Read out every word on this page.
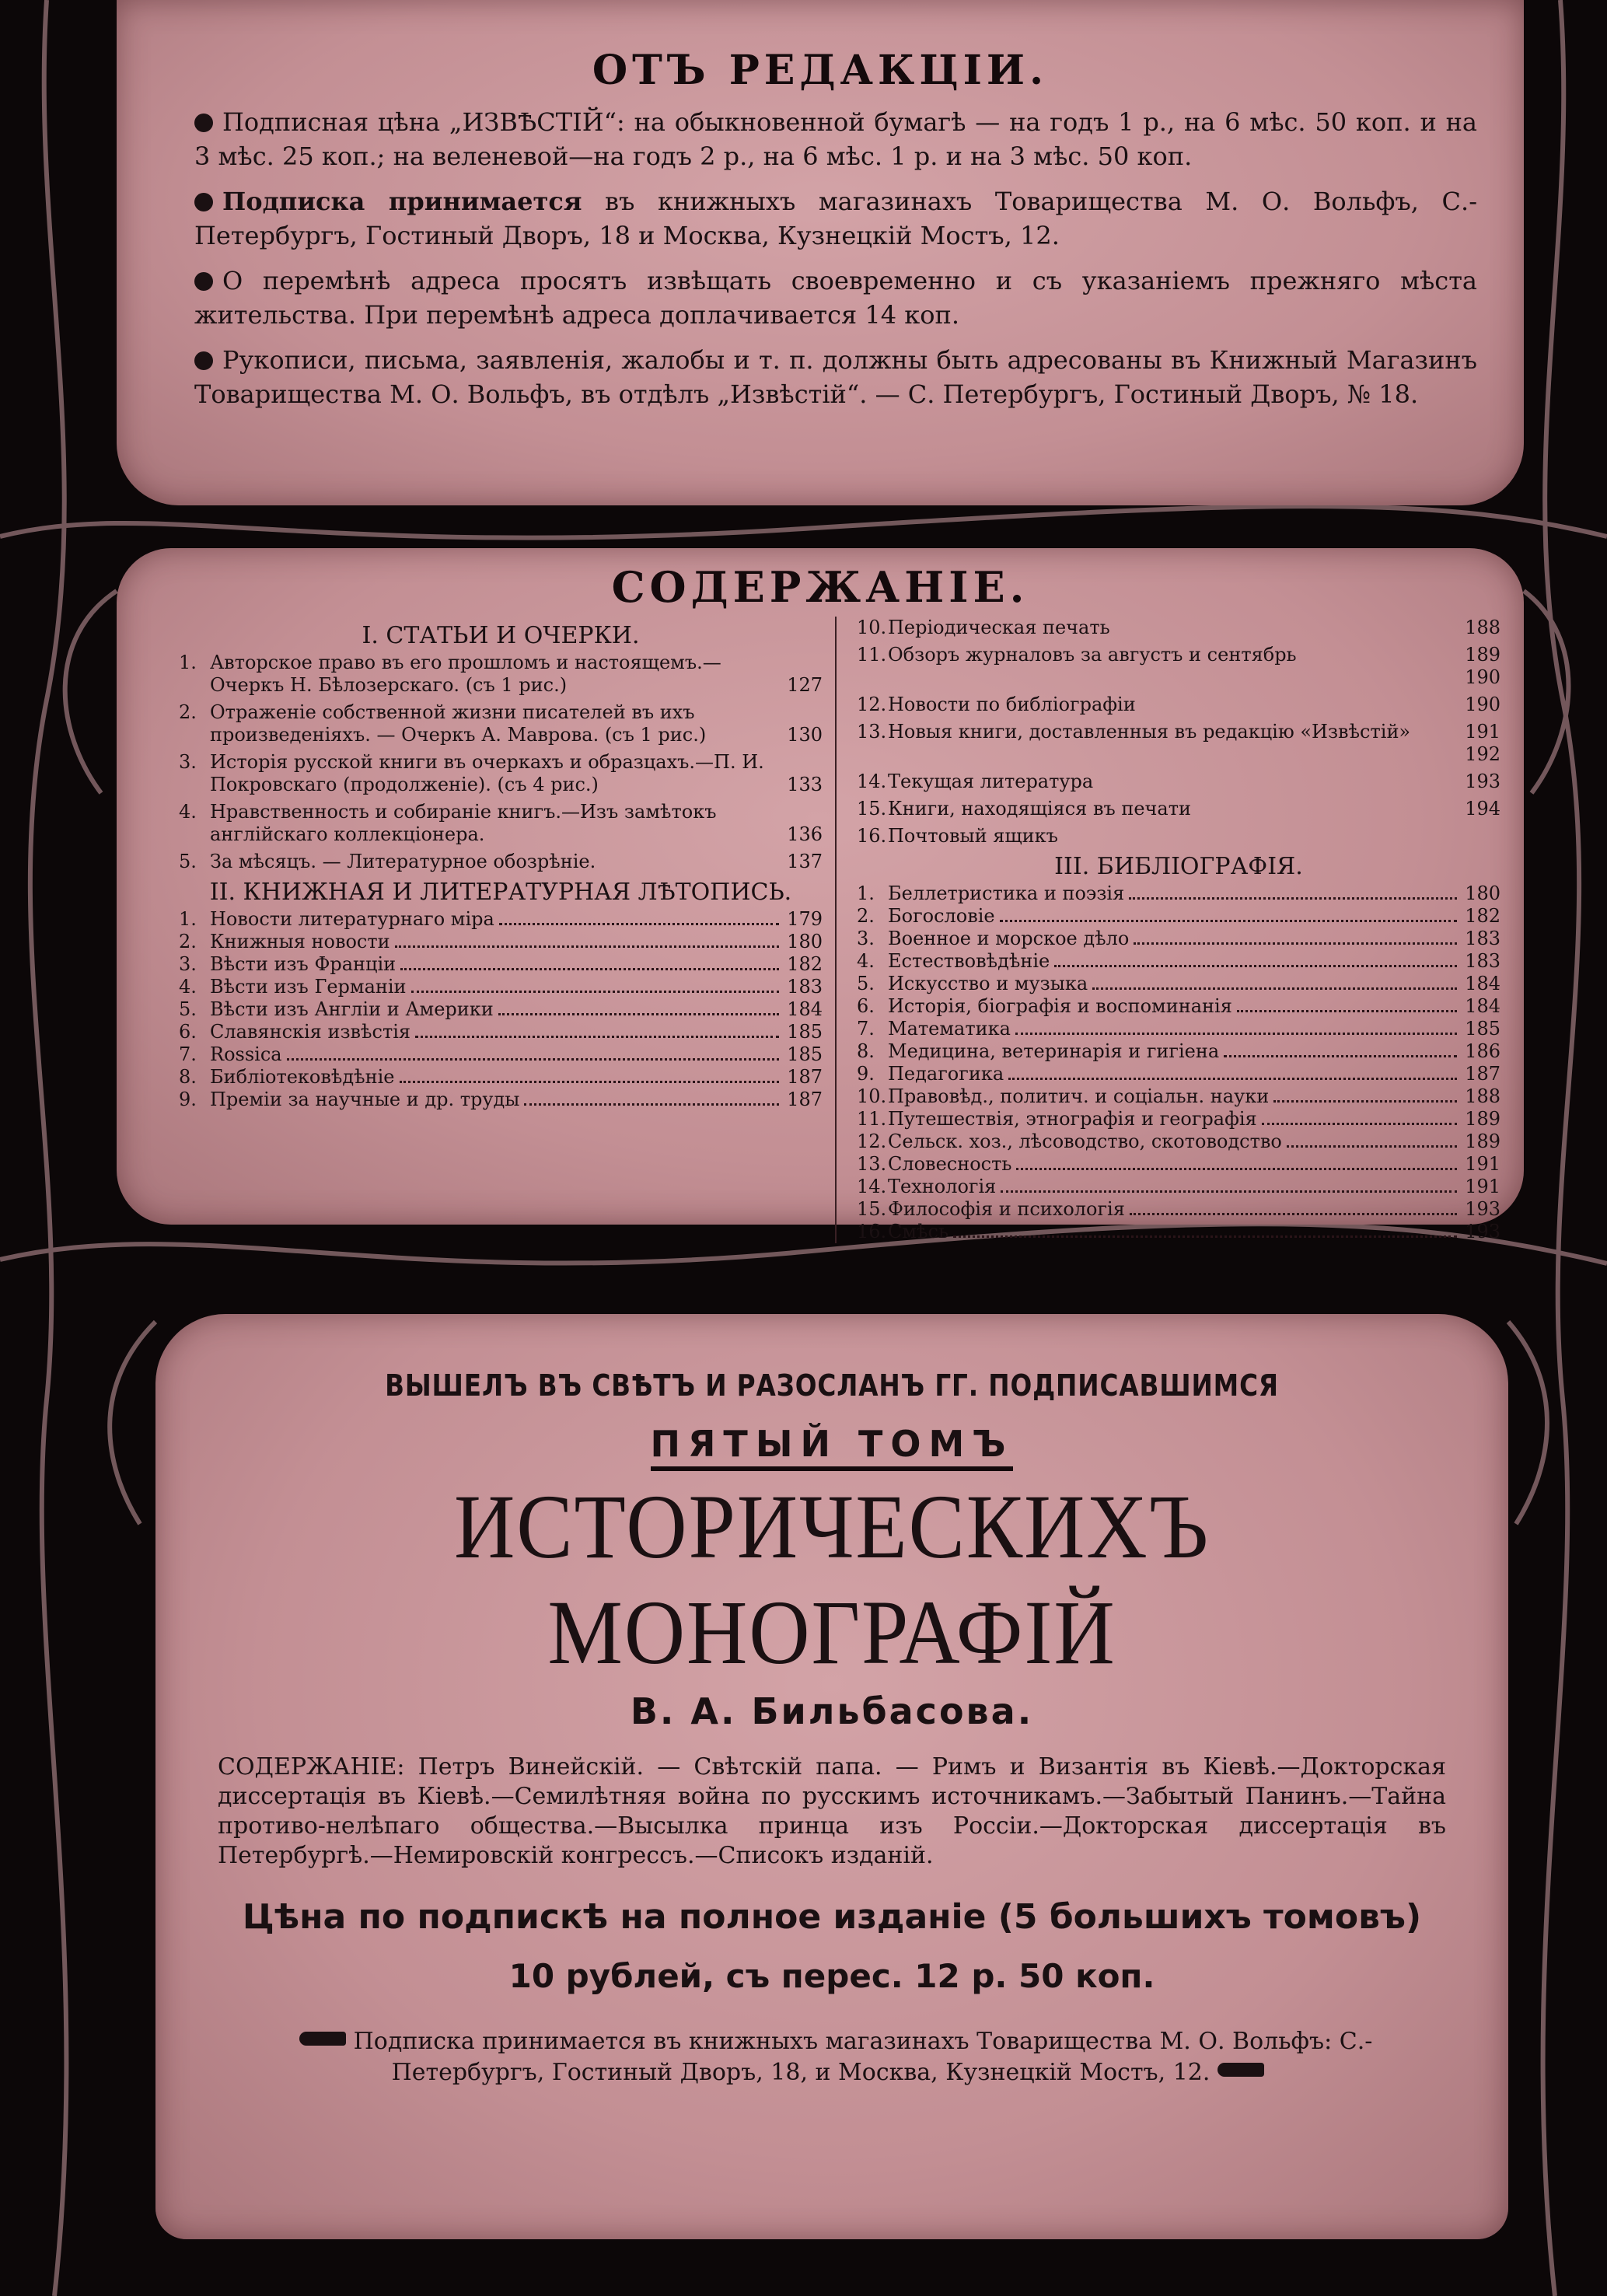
ОТЪ РЕДАКЦІИ.

Подписная цѣна „ИЗВѢСТІЙ“: на обыкновенной бумагѣ — на годъ 1 р., на 6 мѣс. 50 коп. и на 3 мѣс. 25 коп.; на веленевой—на годъ 2 р., на 6 мѣс. 1 р. и на 3 мѣс. 50 коп.

Подписка принимается въ книжныхъ магазинахъ Товарищества М. О. Вольфъ, С.-Петербургъ, Гостиный Дворъ, 18 и Москва, Кузнецкій Мостъ, 12.

О перемѣнѣ адреса просятъ извѣщать своевременно и съ указаніемъ прежняго мѣста жительства. При перемѣнѣ адреса доплачивается 14 коп.

Рукописи, письма, заявленія, жалобы и т. п. должны быть адресованы въ Книжный Магазинъ Товарищества М. О. Вольфъ, въ отдѣлъ „Извѣстій“. — С. Петербургъ, Гостиный Дворъ, № 18.

СОДЕРЖАНІЕ.
I. СТАТЬИ И ОЧЕРКИ.
1. Авторское право въ его прошломъ и настоящемъ.—Очеркъ Н. Бѣлозерскаго. (съ 1 рис.)	127
2. Отраженіе собственной жизни писателей въ ихъ произведеніяхъ. — Очеркъ А. Маврова. (съ 1 рис.)	130
3. Исторія русской книги въ очеркахъ и образцахъ.—П. И. Покровскаго (продолженіе). (съ 4 рис.)	133
4. Нравственность и собираніе книгъ.—Изъ замѣтокъ англійскаго коллекціонера.	136
5. За мѣсяцъ. — Литературное обозрѣніе.	137
II. КНИЖНАЯ И ЛИТЕРАТУРНАЯ ЛѢТОПИСЬ.
1. Новости литературнаго міра	179
2. Книжныя новости	180
3. Вѣсти изъ Франціи	182
4. Вѣсти изъ Германіи	183
5. Вѣсти изъ Англіи и Америки	184
6. Славянскія извѣстія	185
7. Rossica	185
8. Библіотековѣдѣніе	187
9. Преміи за научные и др. труды	187
10. Періодическая печать	188
11. Обзоръ журналовъ за августъ и сентябрь	189 190
12. Новости по библіографіи	190
13. Новыя книги, доставленныя въ редакцію «Извѣстій»	191 192
14. Текущая литература	193
15. Книги, находящіяся въ печати	194
16. Почтовый ящикъ
III. БИБЛІОГРАФІЯ.
1. Беллетристика и поэзія	180
2. Богословіе	182
3. Военное и морское дѣло	183
4. Естествовѣдѣніе	183
5. Искусство и музыка	184
6. Исторія, біографія и воспоминанія	184
7. Математика	185
8. Медицина, ветеринарія и гигіена	186
9. Педагогика	187
10. Правовѣд., политич. и соціальн. науки	188
11. Путешествія, этнографія и географія	189
12. Сельск. хоз., лѣсоводство, скотоводство	189
13. Словесность	191
14. Технологія	191
15. Философія и психологія	193
16. Смѣсь	193
ВЫШЕЛЪ ВЪ СВѢТЪ И РАЗОСЛАНЪ ГГ. ПОДПИСАВШИМСЯ
ПЯТЫЙ ТОМЪ
ИСТОРИЧЕСКИХЪ МОНОГРАФІЙ
В. А. Бильбасова.
СОДЕРЖАНІЕ: Петръ Винейскій. — Свѣтскій папа. — Римъ и Византія въ Кіевѣ.—Докторская диссертація въ Кіевѣ.—Семилѣтняя война по русскимъ источникамъ.—Забытый Панинъ.—Тайна противо-нелѣпаго общества.—Высылка принца изъ Россіи.—Докторская диссертація въ Петербургѣ.—Немировскій конгрессъ.—Списокъ изданій.
Цѣна по подпискѣ на полное изданіе (5 большихъ томовъ)
10 рублей, съ перес. 12 р. 50 коп.
Подписка принимается въ книжныхъ магазинахъ Товарищества М. О. Вольфъ: С.-Петербургъ, Гостиный Дворъ, 18, и Москва, Кузнецкій Мостъ, 12.
